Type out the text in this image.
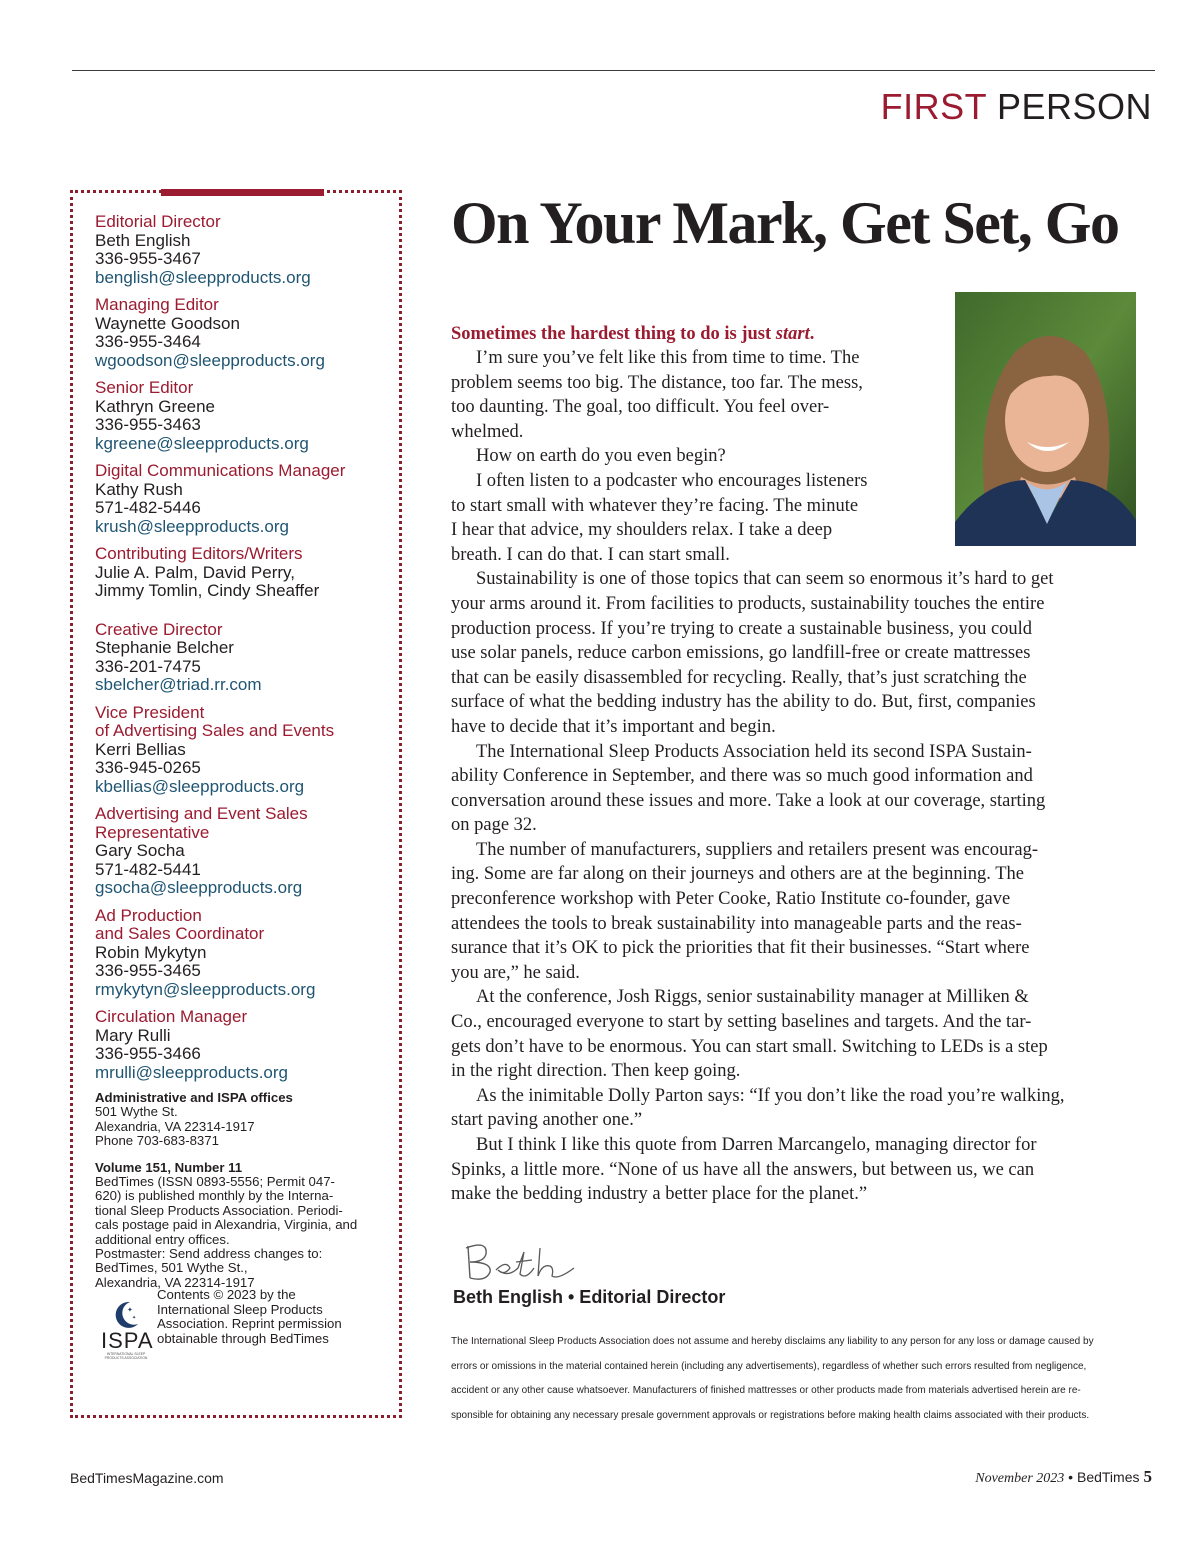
FIRST PERSON
Editorial Director
Beth English
336-955-3467
benglish@sleepproducts.org
Managing Editor
Waynette Goodson
336-955-3464
wgoodson@sleepproducts.org
Senior Editor
Kathryn Greene
336-955-3463
kgreene@sleepproducts.org
Digital Communications Manager
Kathy Rush
571-482-5446
krush@sleepproducts.org
Contributing Editors/Writers
Julie A. Palm, David Perry,
Jimmy Tomlin, Cindy Sheaffer
Creative Director
Stephanie Belcher
336-201-7475
sbelcher@triad.rr.com
Vice President
of Advertising Sales and Events
Kerri Bellias
336-945-0265
kbellias@sleepproducts.org
Advertising and Event Sales
Representative
Gary Socha
571-482-5441
gsocha@sleepproducts.org
Ad Production
and Sales Coordinator
Robin Mykytyn
336-955-3465
rmykytyn@sleepproducts.org
Circulation Manager
Mary Rulli
336-955-3466
mrulli@sleepproducts.org
Administrative and ISPA offices
501 Wythe St.
Alexandria, VA 22314-1917
Phone 703-683-8371
Volume 151, Number 11
BedTimes (ISSN 0893-5556; Permit 047-
620) is published monthly by the Interna-
tional Sleep Products Association. Periodi-
cals postage paid in Alexandria, Virginia, and
additional entry offices.
Postmaster: Send address changes to:
BedTimes, 501 Wythe St.,
Alexandria, VA 22314-1917
✦
✦
ISPA
INTERNATIONAL SLEEP
PRODUCTS ASSOCIATION
Contents © 2023 by the
International Sleep Products
Association. Reprint permission
obtainable through BedTimes
On Your Mark, Get Set, Go
Sometimes the hardest thing to do is just start.
I’m sure you’ve felt like this from time to time. The
problem seems too big. The distance, too far. The mess,
too daunting. The goal, too difficult. You feel over-
whelmed.
How on earth do you even begin?
I often listen to a podcaster who encourages listeners
to start small with whatever they’re facing. The minute
I hear that advice, my shoulders relax. I take a deep
breath. I can do that. I can start small.
Sustainability is one of those topics that can seem so enormous it’s hard to get
your arms around it. From facilities to products, sustainability touches the entire
production process. If you’re trying to create a sustainable business, you could
use solar panels, reduce carbon emissions, go landfill-free or create mattresses
that can be easily disassembled for recycling. Really, that’s just scratching the
surface of what the bedding industry has the ability to do. But, first, companies
have to decide that it’s important and begin.
The International Sleep Products Association held its second ISPA Sustain-
ability Conference in September, and there was so much good information and
conversation around these issues and more. Take a look at our coverage, starting
on page 32.
The number of manufacturers, suppliers and retailers present was encourag-
ing. Some are far along on their journeys and others are at the beginning. The
preconference workshop with Peter Cooke, Ratio Institute co-founder, gave
attendees the tools to break sustainability into manageable parts and the reas-
surance that it’s OK to pick the priorities that fit their businesses. “Start where
you are,” he said.
At the conference, Josh Riggs, senior sustainability manager at Milliken &
Co., encouraged everyone to start by setting baselines and targets. And the tar-
gets don’t have to be enormous. You can start small. Switching to LEDs is a step
in the right direction. Then keep going.
As the inimitable Dolly Parton says: “If you don’t like the road you’re walking,
start paving another one.”
But I think I like this quote from Darren Marcangelo, managing director for
Spinks, a little more. “None of us have all the answers, but between us, we can
make the bedding industry a better place for the planet.”
Beth English • Editorial Director
The International Sleep Products Association does not assume and hereby disclaims any liability to any person for any loss or damage caused by
errors or omissions in the material contained herein (including any advertisements), regardless of whether such errors resulted from negligence,
accident or any other cause whatsoever. Manufacturers of finished mattresses or other products made from materials advertised herein are re-
sponsible for obtaining any necessary presale government approvals or registrations before making health claims associated with their products.
BedTimesMagazine.com	November 2023 • BedTimes 5
